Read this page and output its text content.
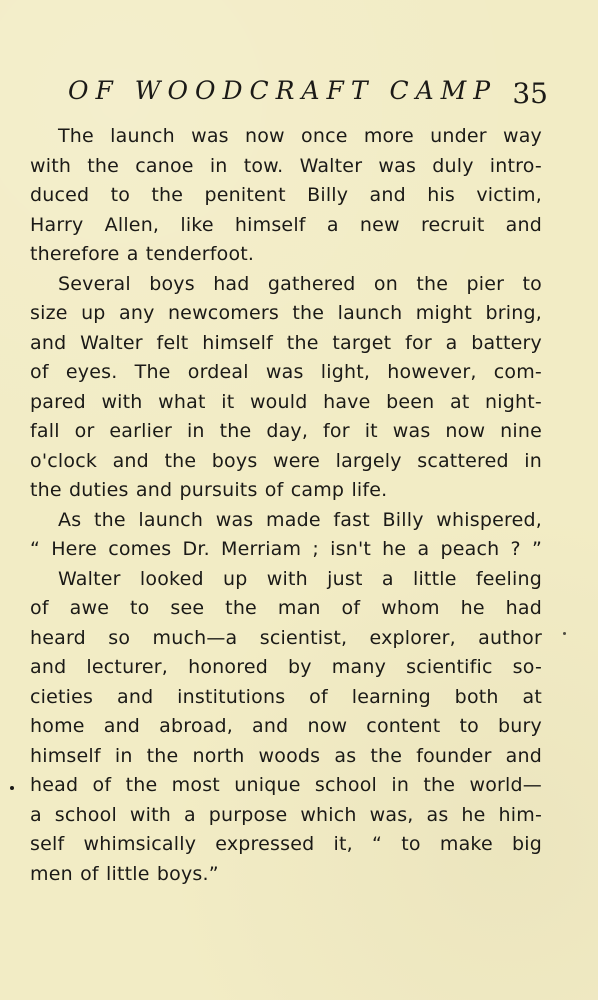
OF WOODCRAFT CAMP 35
The launch was now once more under way
with the canoe in tow. Walter was duly intro-
duced to the penitent Billy and his victim,
Harry Allen, like himself a new recruit and
therefore a tenderfoot.
Several boys had gathered on the pier to
size up any newcomers the launch might bring,
and Walter felt himself the target for a battery
of eyes. The ordeal was light, however, com-
pared with what it would have been at night-
fall or earlier in the day, for it was now nine
o'clock and the boys were largely scattered in
the duties and pursuits of camp life.
As the launch was made fast Billy whispered,
“ Here comes Dr. Merriam ; isn't he a peach ? ”
Walter looked up with just a little feeling
of awe to see the man of whom he had
heard so much—a scientist, explorer, author
and lecturer, honored by many scientific so-
cieties and institutions of learning both at
home and abroad, and now content to bury
himself in the north woods as the founder and
head of the most unique school in the world—
a school with a purpose which was, as he him-
self whimsically expressed it, “ to make big
men of little boys.”
